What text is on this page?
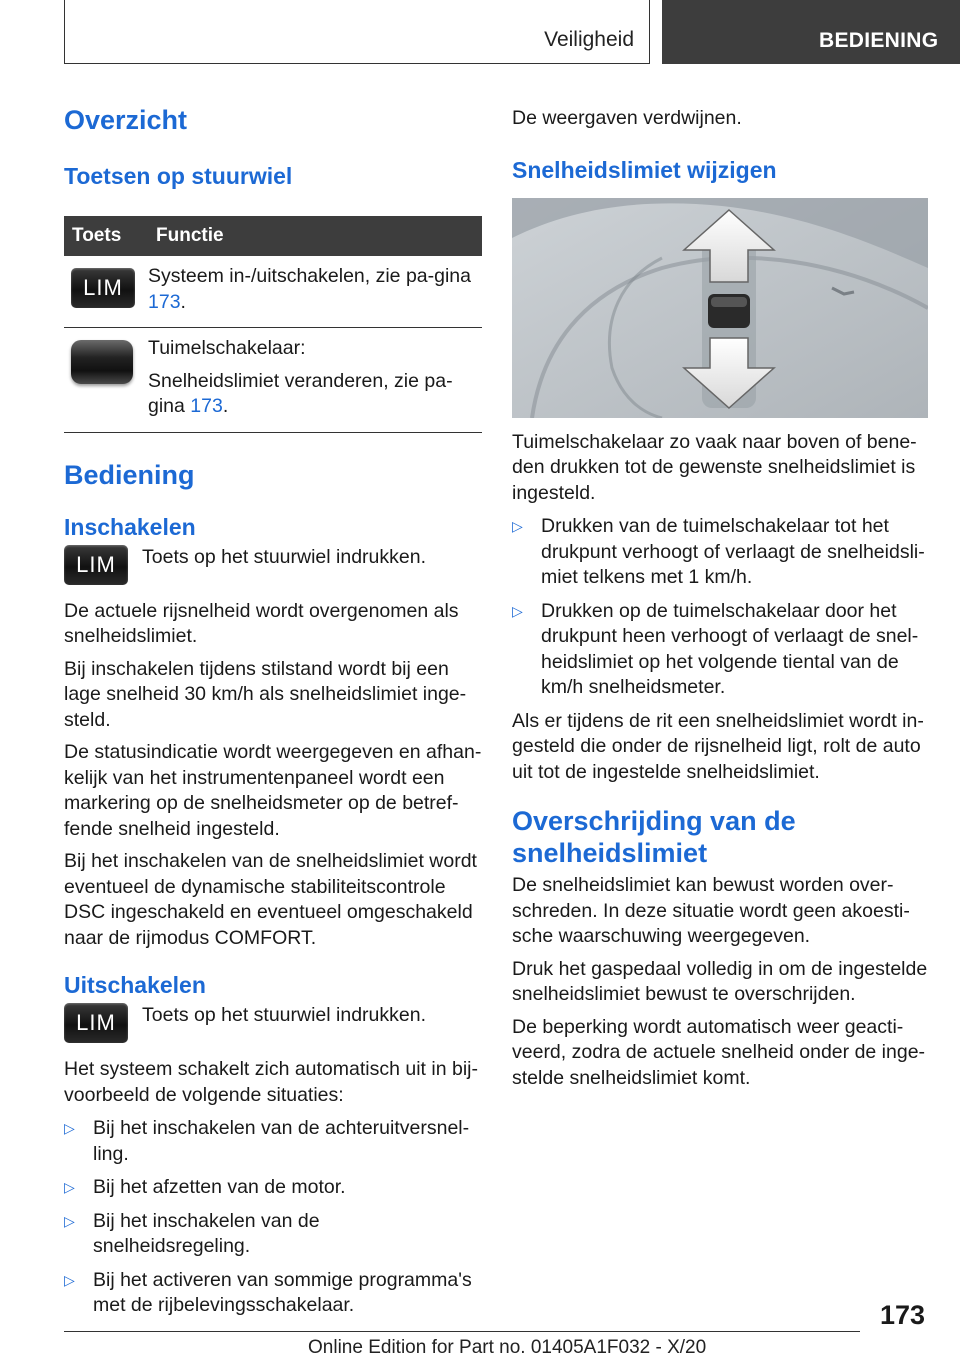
Veiligheid	BEDIENING
Overzicht
Toetsen op stuurwiel
Toets	Functie
LIM	Systeem in-/uitschakelen, zie pa-gina 173.

	Tuimelschakelaar:

Snelheidslimiet veranderen, zie pa-gina 173.
Bediening
Inschakelen
LIM	Toets op het stuurwiel indrukken.

De actuele rijsnelheid wordt overgenomen als snelheidslimiet.

Bij inschakelen tijdens stilstand wordt bij een lage snelheid 30 km/h als snelheidslimiet inge-steld.

De statusindicatie wordt weergegeven en afhan-kelijk van het instrumentenpaneel wordt een markering op de snelheidsmeter op de betref-fende snelheid ingesteld.

Bij het inschakelen van de snelheidslimiet wordt eventueel de dynamische stabiliteitscontrole DSC ingeschakeld en eventueel omgeschakeld naar de rijmodus COMFORT.

Uitschakelen
LIM	Toets op het stuurwiel indrukken.

Het systeem schakelt zich automatisch uit in bij-voorbeeld de volgende situaties:

▷ Bij het inschakelen van de achteruitversnel-ling.
▷ Bij het afzetten van de motor.
▷ Bij het inschakelen van de snelheidsregeling.
▷ Bij het activeren van sommige programma's met de rijbelevingsschakelaar.

De weergaven verdwijnen.

Snelheidslimiet wijzigen

Tuimelschakelaar zo vaak naar boven of bene-den drukken tot de gewenste snelheidslimiet is ingesteld.

▷ Drukken van de tuimelschakelaar tot het drukpunt verhoogt of verlaagt de snelheidsli-miet telkens met 1 km/h.
▷ Drukken op de tuimelschakelaar door het drukpunt heen verhoogt of verlaagt de snel-heidslimiet op het volgende tiental van de km/h snelheidsmeter.

Als er tijdens de rit een snelheidslimiet wordt in-gesteld die onder de rijsnelheid ligt, rolt de auto uit tot de ingestelde snelheidslimiet.

Overschrijding van de
snelheidslimiet

De snelheidslimiet kan bewust worden over-schreden. In deze situatie wordt geen akoesti-sche waarschuwing weergegeven.

Druk het gaspedaal volledig in om de ingestelde snelheidslimiet bewust te overschrijden.

De beperking wordt automatisch weer geacti-veerd, zodra de actuele snelheid onder de inge-stelde snelheidslimiet komt.

173
Online Edition for Part no. 01405A1F032 - X/20
